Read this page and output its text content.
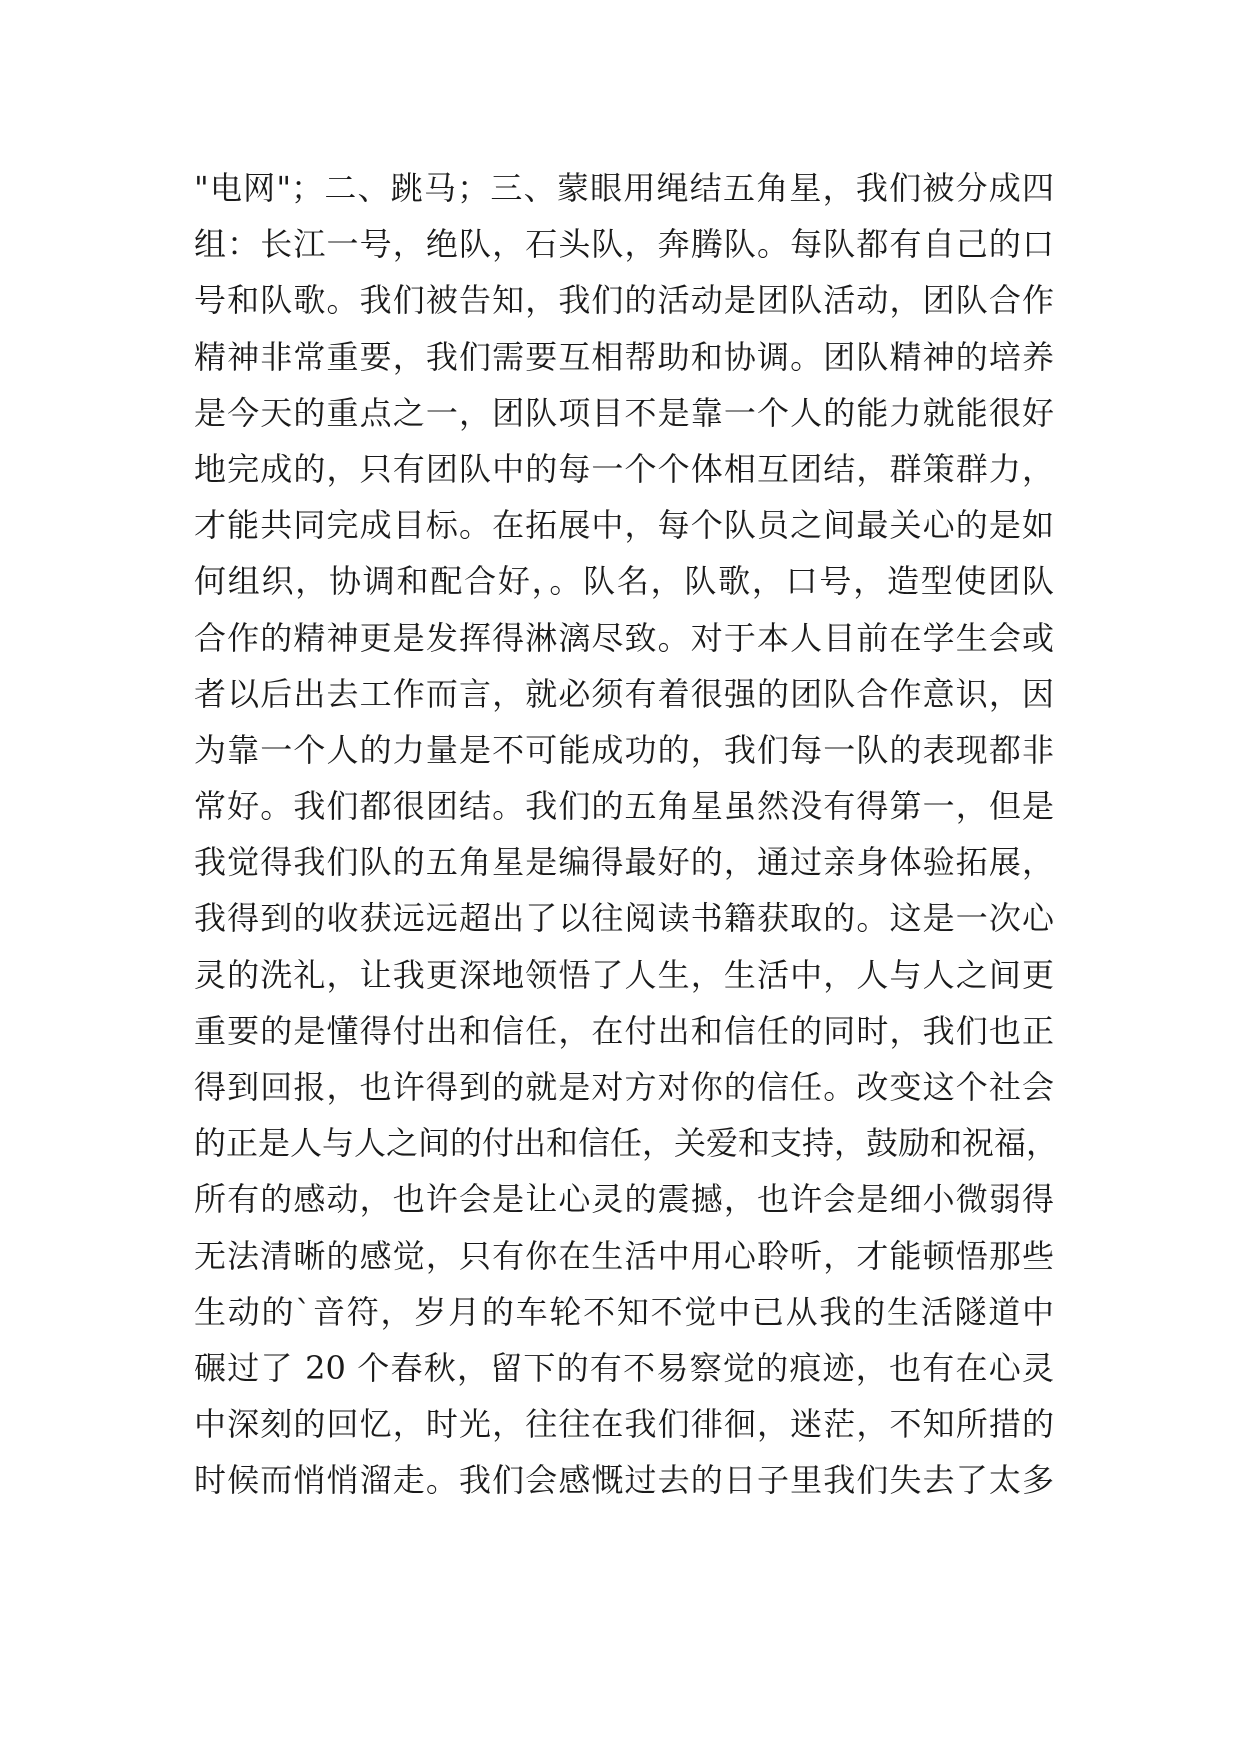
"电网"；二、跳马；三、蒙眼用绳结五角星，我们被分成四
组：长江一号，绝队，石头队，奔腾队。每队都有自己的口
号和队歌。我们被告知，我们的活动是团队活动，团队合作
精神非常重要，我们需要互相帮助和协调。团队精神的培养
是今天的重点之一，团队项目不是靠一个人的能力就能很好
地完成的，只有团队中的每一个个体相互团结，群策群力，
才能共同完成目标。在拓展中，每个队员之间最关心的是如
何组织，协调和配合好，。队名，队歌，口号，造型使团队
合作的精神更是发挥得淋漓尽致。对于本人目前在学生会或
者以后出去工作而言，就必须有着很强的团队合作意识，因
为靠一个人的力量是不可能成功的，我们每一队的表现都非
常好。我们都很团结。我们的五角星虽然没有得第一，但是
我觉得我们队的五角星是编得最好的，通过亲身体验拓展，
我得到的收获远远超出了以往阅读书籍获取的。这是一次心
灵的洗礼，让我更深地领悟了人生，生活中，人与人之间更
重要的是懂得付出和信任，在付出和信任的同时，我们也正
得到回报，也许得到的就是对方对你的信任。改变这个社会
的正是人与人之间的付出和信任，关爱和支持，鼓励和祝福，
所有的感动，也许会是让心灵的震撼，也许会是细小微弱得
无法清晰的感觉，只有你在生活中用心聆听，才能顿悟那些
生动的`音符，岁月的车轮不知不觉中已从我的生活隧道中
碾过了 20 个春秋，留下的有不易察觉的痕迹，也有在心灵
中深刻的回忆，时光，往往在我们徘徊，迷茫，不知所措的
时候而悄悄溜走。我们会感慨过去的日子里我们失去了太多
